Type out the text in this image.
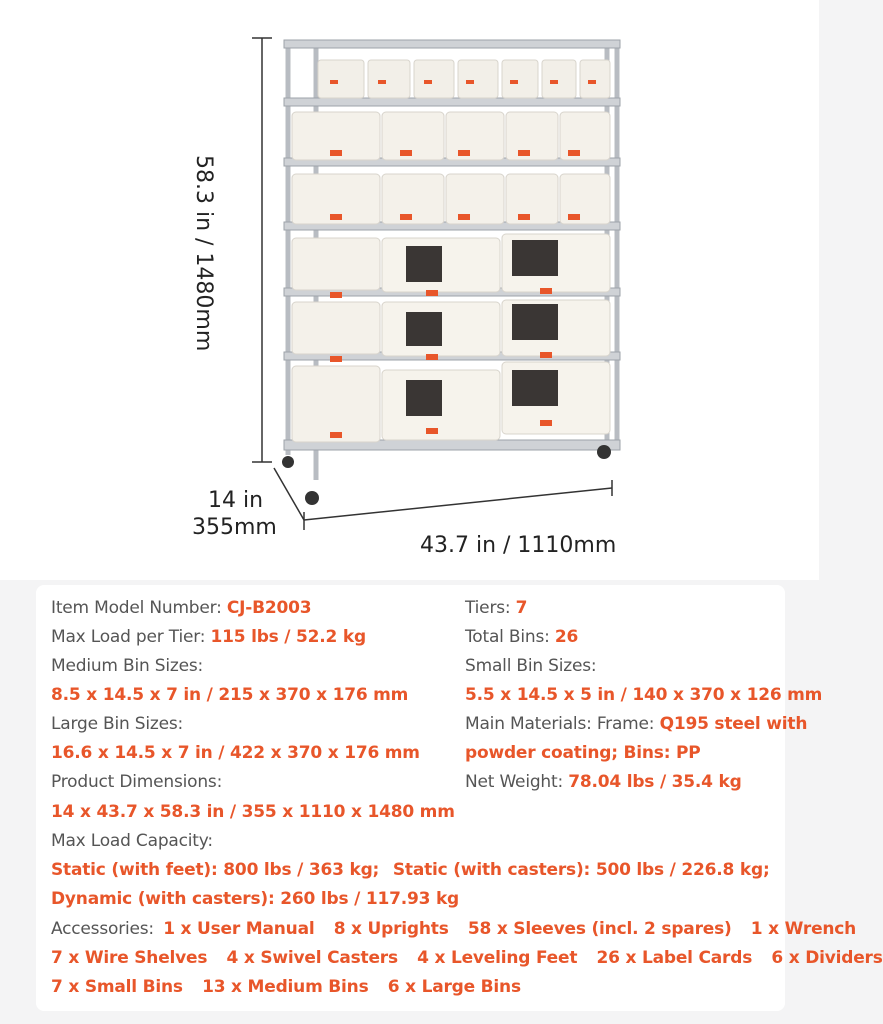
58.3 in / 1480mm
14 in
355mm
43.7 in / 1110mm
Item Model Number: CJ-B2003
Max Load per Tier: 115 lbs / 52.2 kg
Medium Bin Sizes:
8.5 x 14.5 x 7 in / 215 x 370 x 176 mm
Large Bin Sizes:
16.6 x 14.5 x 7 in / 422 x 370 x 176 mm
Product Dimensions:
14 x 43.7 x 58.3 in / 355 x 1110 x 1480 mm
Max Load Capacity:
Static (with feet): 800 lbs / 363 kg; Static (with casters): 500 lbs / 226.8 kg;
Dynamic (with casters): 260 lbs / 117.93 kg
Tiers: 7
Total Bins: 26
Small Bin Sizes:
5.5 x 14.5 x 5 in / 140 x 370 x 126 mm
Main Materials: Frame: Q195 steel with
powder coating; Bins: PP
Net Weight: 78.04 lbs / 35.4 kg
Accessories: 1 x User Manual 8 x Uprights 58 x Sleeves (incl. 2 spares) 1 x Wrench
7 x Wire Shelves 4 x Swivel Casters 4 x Leveling Feet 26 x Label Cards 6 x Dividers
7 x Small Bins 13 x Medium Bins 6 x Large Bins
